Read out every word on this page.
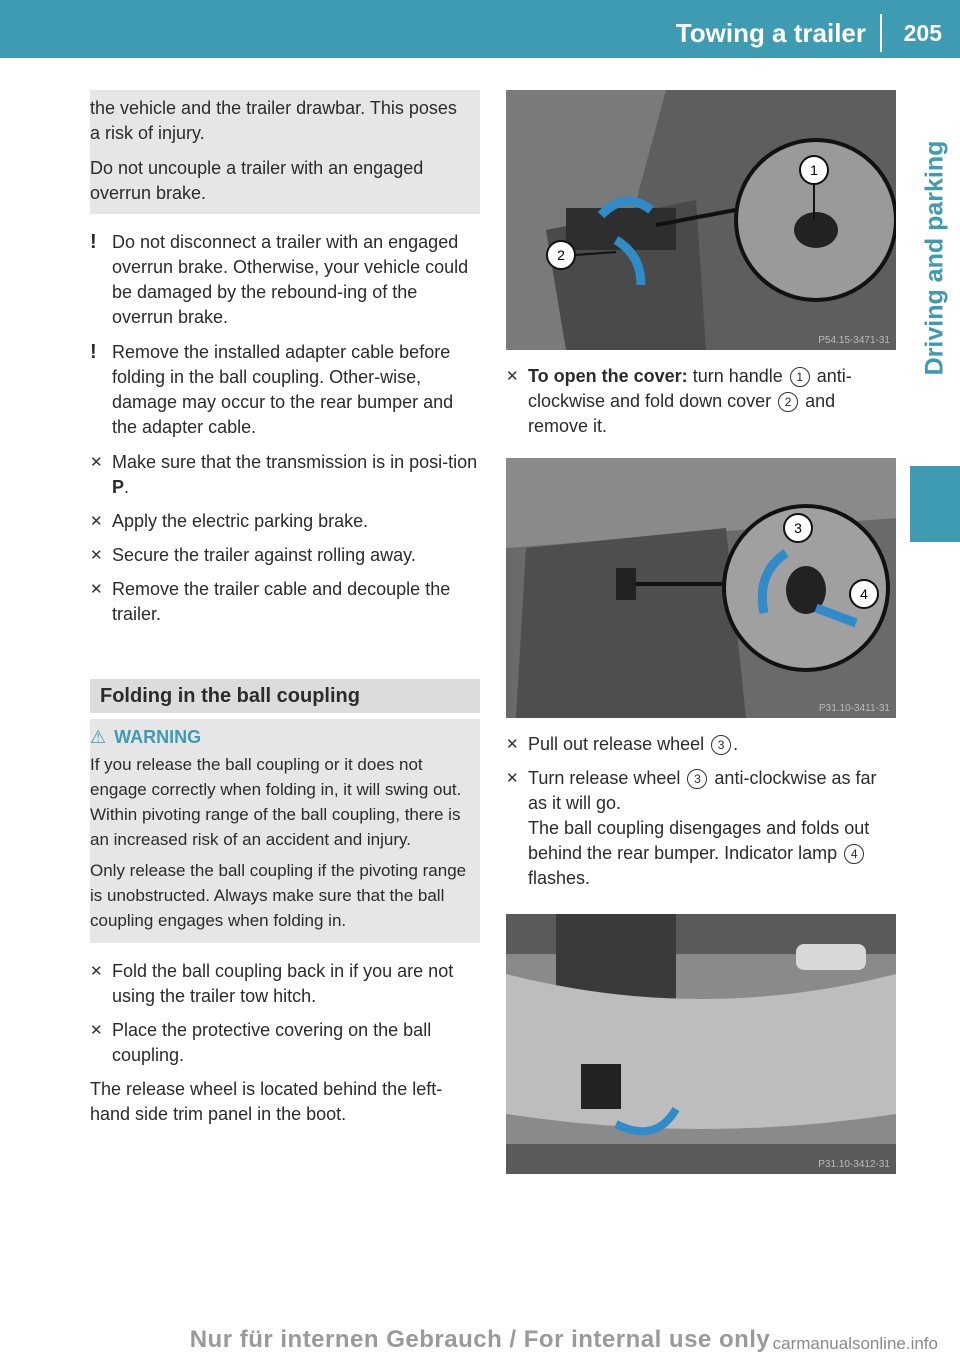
Towing a trailer	205
Driving and parking

the vehicle and the trailer drawbar. This poses a risk of injury.

Do not uncouple a trailer with an engaged overrun brake.

! Do not disconnect a trailer with an engaged overrun brake. Otherwise, your vehicle could be damaged by the rebound-ing of the overrun brake.
! Remove the installed adapter cable before folding in the ball coupling. Other-wise, damage may occur to the rear bumper and the adapter cable.
✕ Make sure that the transmission is in posi-tion P.
✕ Apply the electric parking brake.
✕ Secure the trailer against rolling away.
✕ Remove the trailer cable and decouple the trailer.
Folding in the ball coupling
⚠ WARNING

If you release the ball coupling or it does not engage correctly when folding in, it will swing out. Within pivoting range of the ball coupling, there is an increased risk of an accident and injury.

Only release the ball coupling if the pivoting range is unobstructed. Always make sure that the ball coupling engages when folding in.

✕ Fold the ball coupling back in if you are not using the trailer tow hitch.
✕ Place the protective covering on the ball coupling.

The release wheel is located behind the left-hand side trim panel in the boot.

1
2
P54.15-3471-31
✕ To open the cover: turn handle 1 anti-clockwise and fold down cover 2 and remove it.
3
4
P31.10-3411-31
✕ Pull out release wheel 3 .
✕ Turn release wheel 3 anti-clockwise as far as it will go.
The ball coupling disengages and folds out behind the rear bumper. Indicator lamp 4 flashes.
P31.10-3412-31
Nur für internen Gebrauch / For internal use only carmanualsonline.info
